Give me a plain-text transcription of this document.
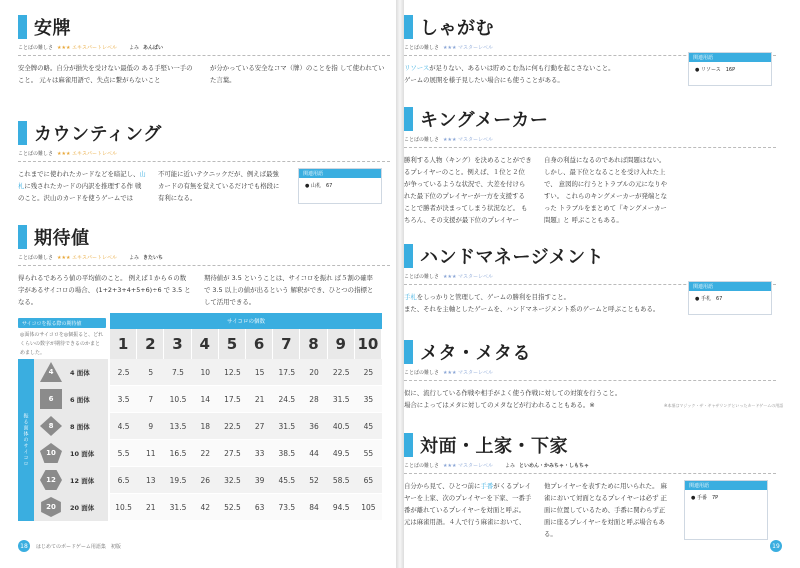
安牌
ことばの難しさ ★★★ エキスパートレベル よみ あんぱい
安全牌の略。自分が損失を受けない最低の ある手堅い一手のこと。 元々は麻雀用語で、失点に繋がらないこと
が分かっている安全なコマ（牌）のことを指 して使われていた言葉。
カウンティング
ことばの難しさ ★★★ エキスパートレベル
これまでに使われたカードなどを暗記し、山札に残されたカードの内訳を推理する作 戦のこと。沢山のカードを使うゲームでは
不可能に近いテクニックだが、例えば最強 カードの有無を覚えているだけでも格段に 有利になる。
関連用語
● 山札　67
期待値
ことばの難しさ ★★★ エキスパートレベル よみ きたいち
得られるであろう値の平均値のこと。 例えば１から６の数字があるサイコロの場合、 (1+2+3+4+5+6)÷6 で 3.5 となる。
期待値が 3.5 ということは、サイコロを振れ ば５割の確率で 3.5 以上の値が出るという 解釈ができ、ひとつの指標として活用できる。
サイコロを振る際の期待値
◎面体のサイコロを◎個振ると、どれくらいの数字が期待できるのかまとめました。
サイコロの個数
1	2	3	4	5	6	7	8	9 10
振る面体のサイコロ
4	4 面体	2.5	5	7.5	10	12.5	15	17.5	20	22.5	25
6	6 面体	3.5	7	10.5	14	17.5	21	24.5	28	31.5	35
8	8 面体	4.5	9	13.5	18	22.5	27	31.5	36	40.5	45
10 10 面体	5.5	11	16.5	22	27.5	33	38.5	44	49.5	55
12 12 面体	6.5	13	19.5	26	32.5	39	45.5	52	58.5	65
20 20 面体	10.5	21	31.5	42	52.5	63	73.5	84	94.5	105
18	はじめてのボードゲーム用語集　初版
しゃがむ
ことばの難しさ ★★★ マスターレベル
リソースが足りない、あるいは貯めこむ為に何も行動を起こさないこと。
ゲームの展開を様子見したい場合にも使うことがある。
関連用語
● リソース　16P
キングメーカー
ことばの難しさ ★★★ マスターレベル
勝利する人物（キング）を決めることができ るプレイヤーのこと。例えば、１位と２位 が争っているような状況で、大差を付けら れた最下位のプレイヤーが一方を支援する ことで勝者が決まってしまう状況など。 もちろん、その支援が最下位のプレイヤー
自身の利益になるのであれば問題はない。 しかし、最下位となることを受け入れた上で、 意図的に行うとトラブルの元になりやすい。 これらのキングメーカーが発端となった トラブルをまとめて『キングメーカー問題』と 呼ぶこともある。
ハンドマネージメント
ことばの難しさ ★★★ マスターレベル
手札をしっかりと管理して、ゲームの勝利を目指すこと。
また、それを主軸としたゲームを、ハンドマネージメント系のゲームと呼ぶこともある。
関連用語
● 手札　67
メタ・メタる
ことばの難しさ ★★★ マスターレベル
似に、流行している作戦や相手がよく使う作戦に対しての対策を行うこと。
場合によってはメタに対してのメタなどが行われることもある。※	※本項はマジック・ザ・ギャザリングといったカードゲームの用語
対面・上家・下家
ことばの難しさ ★★★ マスターレベル よみ といめん・かみちゃ・しもちゃ
自分から見て、ひとつ前に手番がくるプレイ ヤーを上家、次のプレイヤーを下家、一番手 番が離れているプレイヤーを対面と呼ぶ。 元は麻雀用語。４人で行う麻雀において、
他プレイヤーを表すために用いられた。 麻雀において対面となるプレイヤーは必ず 正面に位置しているため、手番に関わらず正 面に座るプレイヤーを対面と呼ぶ場合もある。
関連用語
● 手番　7P
19
